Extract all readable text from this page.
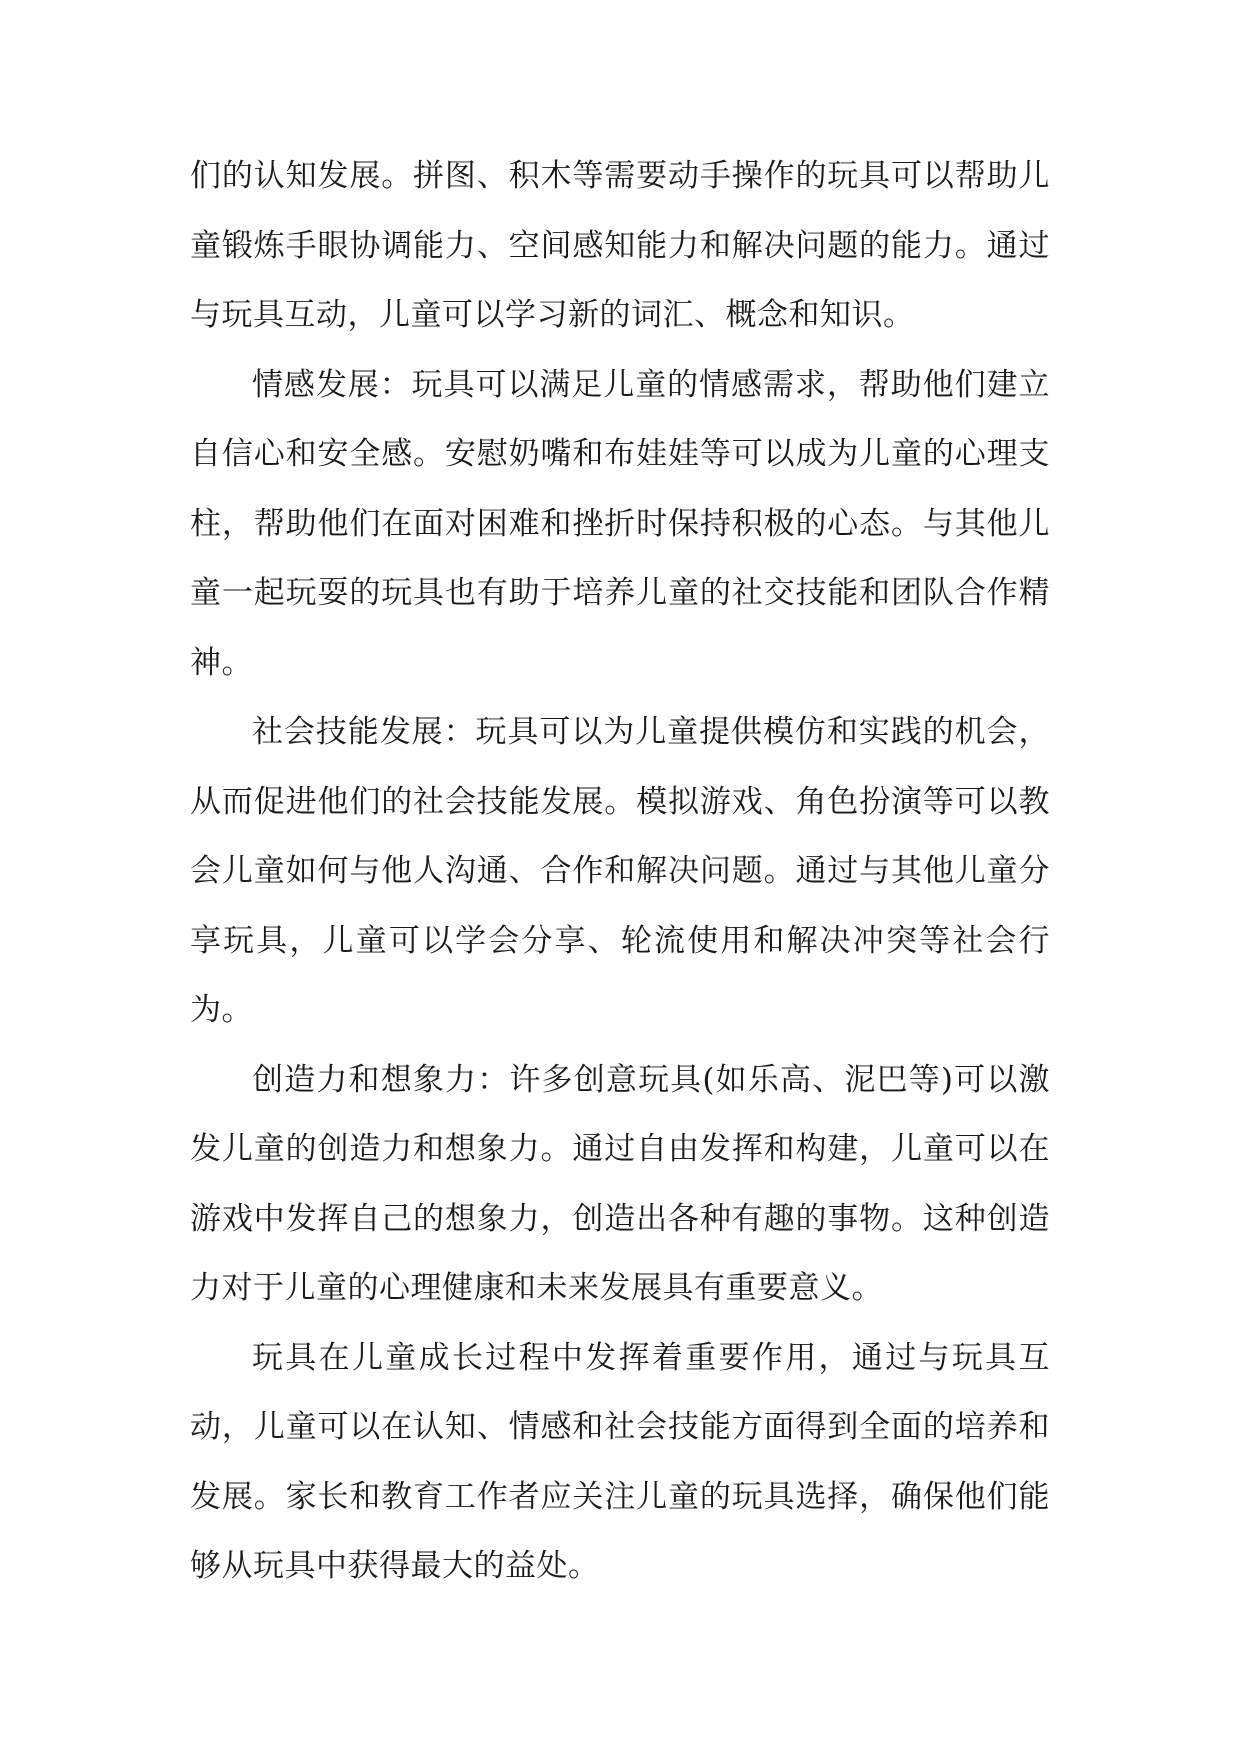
们的认知发展。拼图、积木等需要动手操作的玩具可以帮助儿童锻炼手眼协调能力、空间感知能力和解决问题的能力。通过与玩具互动，儿童可以学习新的词汇、概念和知识。

情感发展：玩具可以满足儿童的情感需求，帮助他们建立自信心和安全感。安慰奶嘴和布娃娃等可以成为儿童的心理支柱，帮助他们在面对困难和挫折时保持积极的心态。与其他儿童一起玩耍的玩具也有助于培养儿童的社交技能和团队合作精神。

社会技能发展：玩具可以为儿童提供模仿和实践的机会，从而促进他们的社会技能发展。模拟游戏、角色扮演等可以教会儿童如何与他人沟通、合作和解决问题。通过与其他儿童分享玩具，儿童可以学会分享、轮流使用和解决冲突等社会行为。

创造力和想象力：许多创意玩具(如乐高、泥巴等)可以激发儿童的创造力和想象力。通过自由发挥和构建，儿童可以在游戏中发挥自己的想象力，创造出各种有趣的事物。这种创造力对于儿童的心理健康和未来发展具有重要意义。

玩具在儿童成长过程中发挥着重要作用，通过与玩具互动，儿童可以在认知、情感和社会技能方面得到全面的培养和发展。家长和教育工作者应关注儿童的玩具选择，确保他们能够从玩具中获得最大的益处。
